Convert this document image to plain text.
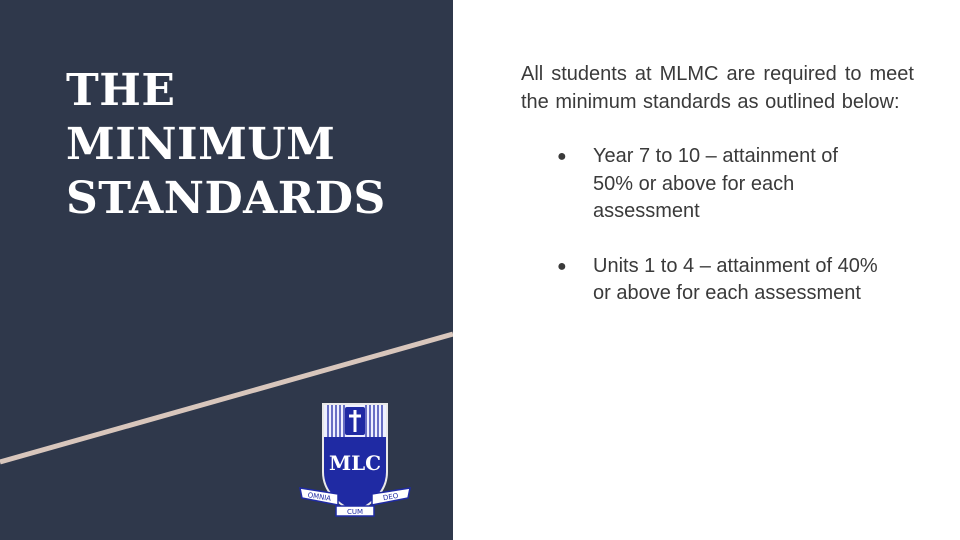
THE
MINIMUM
STANDARDS
MLC
OMNIA	DEO
CUM

All students at MLMC are required to meet the minimum standards as outlined below:

● Year 7 to 10 – attainment of 50% or above for each assessment
● Units 1 to 4 – attainment of 40% or above for each assessment
